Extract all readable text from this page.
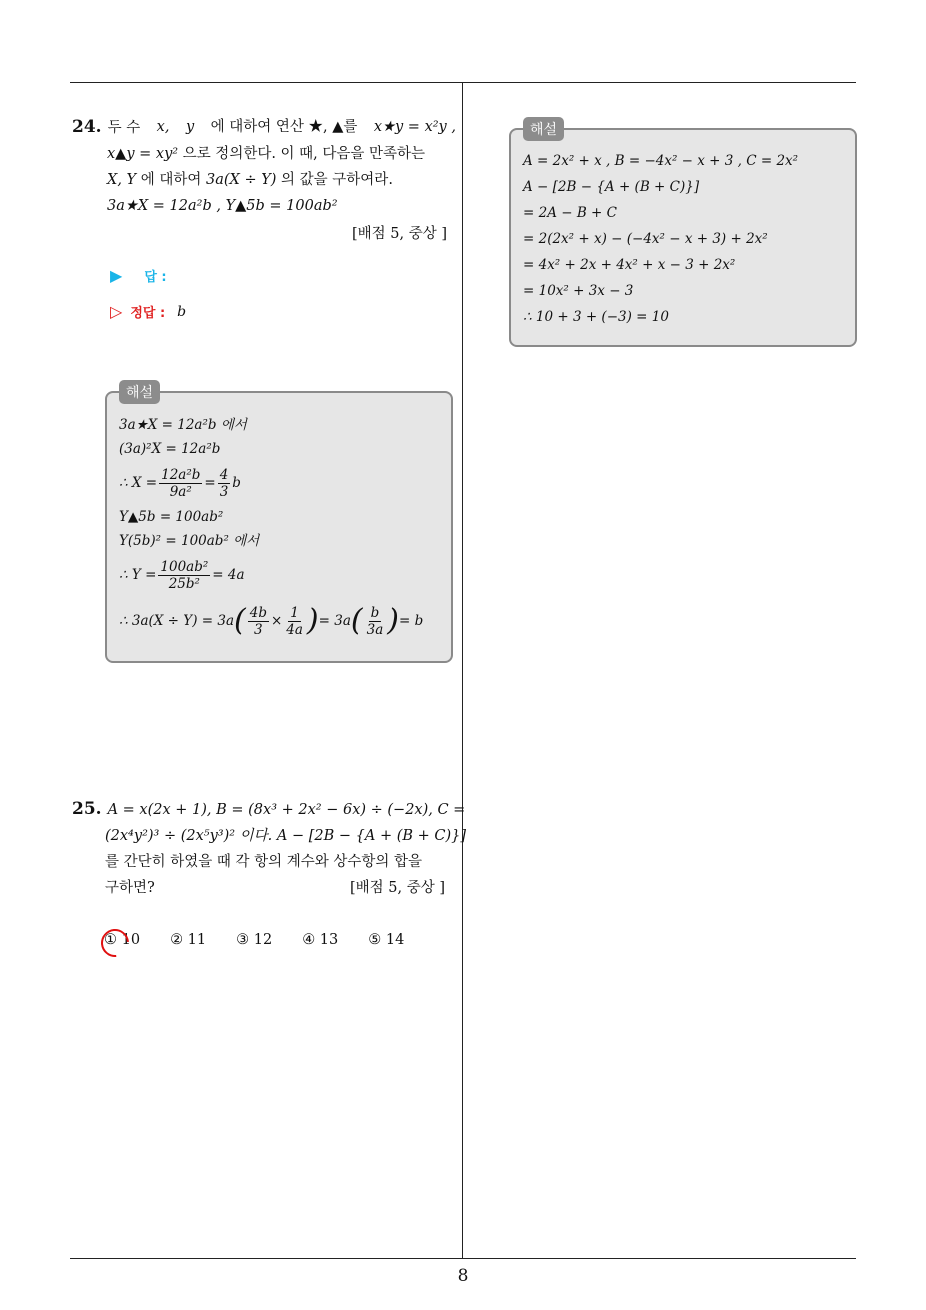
24. 두 수 x, y 에 대하여 연산 ★, ▲를 x★y = x²y ,
x▲y = xy² 으로 정의한다. 이 때, 다음을 만족하는
X, Y 에 대하여 3a(X ÷ Y) 의 값을 구하여라.
3a★X = 12a²b , Y▲5b = 100ab²
[배점 5, 중상 ]
▶ 답 :
▷ 정답 : b
해설
3a★X = 12a²b 에서
(3a)²X = 12a²b
∴ $X = \frac{\text{12a²b}}{\text{9a²}} = \frac{4}{3}$ b
Y▲5b = 100ab²
Y(5b)² = 100ab² 에서
∴ $Y = \frac{\text{100ab²}}{\text{25b²}} = 4a$
∴ 3a(X ÷ Y) = 3a ( $\frac{4b}{3} \times \frac{1}{4a}$ ) = 3a ( $\frac{b}{3a}$ ) = b
25. A = x(2x + 1), B = (8x³ + 2x² − 6x) ÷ (−2x), C =
(2x⁴y²)³ ÷ (2x⁵y³)² 이다. A − [2B − {A + (B + C)}]
를 간단히 하였을 때 각 항의 계수와 상수항의 합을
구하면?	[배점 5, 중상 ]
① 10 ② 11 ③ 12 ④ 13 ⑤ 14
해설
A = 2x² + x , B = −4x² − x + 3 , C = 2x²
A − [2B − {A + (B + C)}]
= 2A − B + C
= 2(2x² + x) − (−4x² − x + 3) + 2x²
= 4x² + 2x + 4x² + x − 3 + 2x²
= 10x² + 3x − 3
∴ 10 + 3 + (−3) = 10
8
